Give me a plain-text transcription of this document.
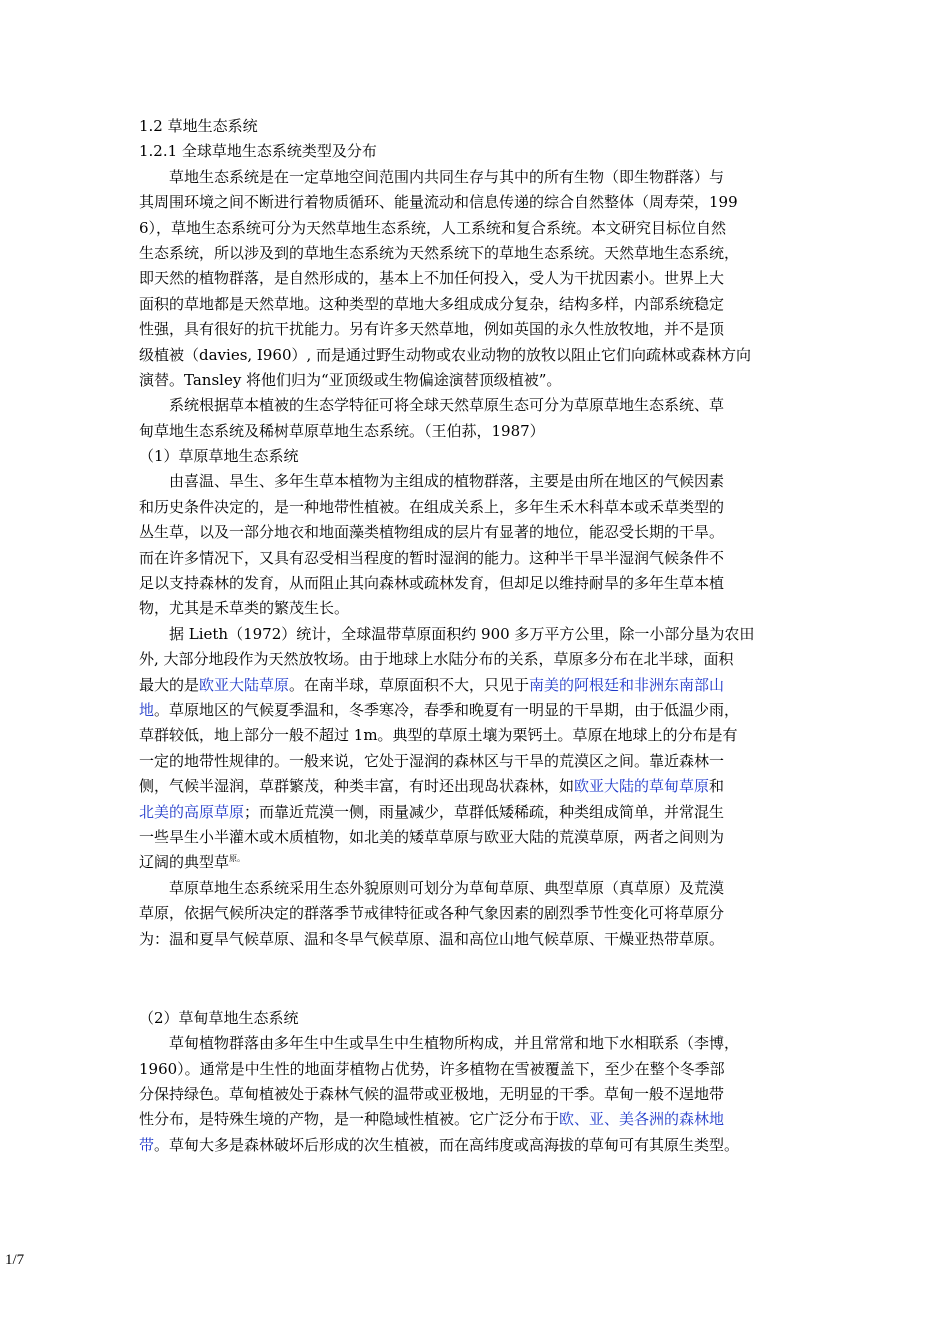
1.2 草地生态系统
1.2.1 全球草地生态系统类型及分布
　　草地生态系统是在一定草地空间范围内共同生存与其中的所有生物（即生物群落）与
其周围环境之间不断进行着物质循环、能量流动和信息传递的综合自然整体（周寿荣，199
6），草地生态系统可分为天然草地生态系统，人工系统和复合系统。本文研究目标位自然
生态系统，所以涉及到的草地生态系统为天然系统下的草地生态系统。天然草地生态系统，
即天然的植物群落，是自然形成的，基本上不加任何投入，受人为干扰因素小。世界上大
面积的草地都是天然草地。这种类型的草地大多组成成分复杂，结构多样，内部系统稳定
性强，具有很好的抗干扰能力。另有许多天然草地，例如英国的永久性放牧地，并不是顶
级植被（davies, I960）, 而是通过野生动物或农业动物的放牧以阻止它们向疏林或森林方向
演替。Tansley 将他们归为“亚顶级或生物偏途演替顶级植被”。
　　系统根据草本植被的生态学特征可将全球天然草原生态可分为草原草地生态系统、草
甸草地生态系统及稀树草原草地生态系统。（王伯荪，1987）
（1）草原草地生态系统
　　由喜温、旱生、多年生草本植物为主组成的植物群落，主要是由所在地区的气候因素
和历史条件决定的，是一种地带性植被。在组成关系上，多年生禾木科草本或禾草类型的
丛生草，以及一部分地衣和地面藻类植物组成的层片有显著的地位，能忍受长期的干旱。
而在许多情况下，又具有忍受相当程度的暂时湿润的能力。这种半干旱半湿润气候条件不
足以支持森林的发育，从而阻止其向森林或疏林发育，但却足以维持耐旱的多年生草本植
物，尤其是禾草类的繁茂生长。
　　据 Lieth（1972）统计，全球温带草原面积约 900 多万平方公里，除一小部分垦为农田
外, 大部分地段作为天然放牧场。由于地球上水陆分布的关系，草原多分布在北半球，面积
最大的是欧亚大陆草原。在南半球，草原面积不大，只见于南美的阿根廷和非洲东南部山
地。草原地区的气候夏季温和，冬季寒冷，春季和晚夏有一明显的干旱期，由于低温少雨，
草群较低，地上部分一般不超过 1m。典型的草原土壤为栗钙土。草原在地球上的分布是有
一定的地带性规律的。一般来说，它处于湿润的森林区与干旱的荒漠区之间。靠近森林一
侧，气候半湿润，草群繁茂，种类丰富，有时还出现岛状森林，如欧亚大陆的草甸草原和
北美的高原草原；而靠近荒漠一侧，雨量减少，草群低矮稀疏，种类组成简单，并常混生
一些旱生小半灌木或木质植物，如北美的矮草草原与欧亚大陆的荒漠草原，两者之间则为
辽阔的典型草$^{原。}$
　　草原草地生态系统采用生态外貌原则可划分为草甸草原、典型草原（真草原）及荒漠
草原，依据气候所决定的群落季节戒律特征或各种气象因素的剧烈季节性变化可将草原分
为：温和夏旱气候草原、温和冬旱气候草原、温和高位山地气候草原、干燥亚热带草原。
（2）草甸草地生态系统
　　草甸植物群落由多年生中生或旱生中生植物所构成，并且常常和地下水相联系（李博，
1960）。通常是中生性的地面芽植物占优势，许多植物在雪被覆盖下，至少在整个冬季部
分保持绿色。草甸植被处于森林气候的温带或亚极地，无明显的干季。草甸一般不逞地带
性分布，是特殊生境的产物，是一种隐域性植被。它广泛分布于欧、亚、美各洲的森林地
带。草甸大多是森林破坏后形成的次生植被，而在高纬度或高海拔的草甸可有其原生类型。
1/7
